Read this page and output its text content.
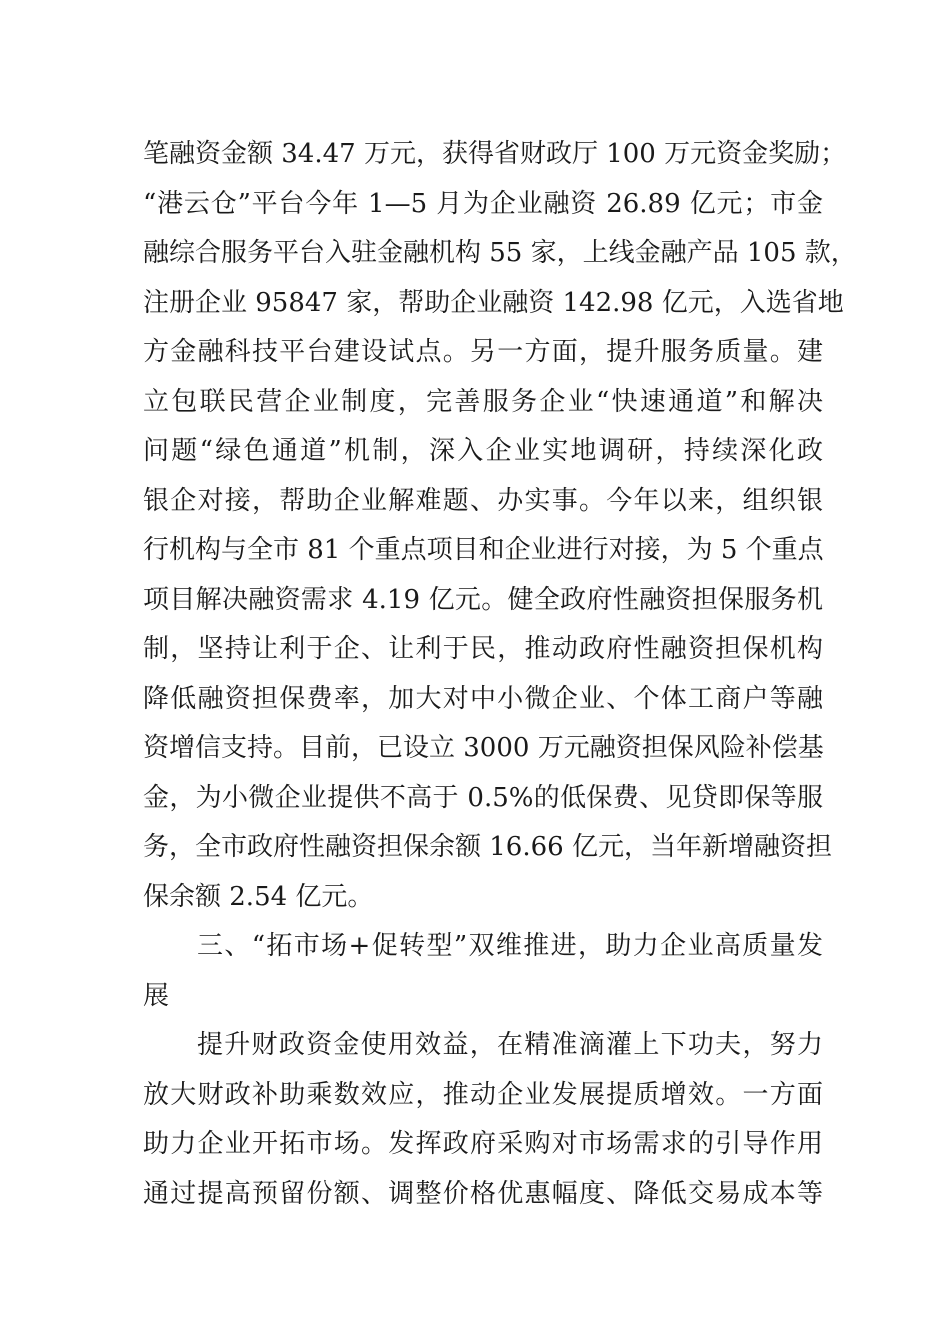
笔融资金额 34.47 万元，获得省财政厅 100 万元资金奖励；
“港云仓”平台今年 1—5 月为企业融资 26.89 亿元；市金
融综合服务平台入驻金融机构 55 家，上线金融产品 105 款，
注册企业 95847 家，帮助企业融资 142.98 亿元，入选省地
方金融科技平台建设试点。另一方面，提升服务质量。建
立包联民营企业制度，完善服务企业“快速通道”和解决
问题“绿色通道”机制，深入企业实地调研，持续深化政
银企对接，帮助企业解难题、办实事。今年以来，组织银
行机构与全市 81 个重点项目和企业进行对接，为 5 个重点
项目解决融资需求 4.19 亿元。健全政府性融资担保服务机
制，坚持让利于企、让利于民，推动政府性融资担保机构
降低融资担保费率，加大对中小微企业、个体工商户等融
资增信支持。目前，已设立 3000 万元融资担保风险补偿基
金，为小微企业提供不高于 0.5%的低保费、见贷即保等服
务，全市政府性融资担保余额 16.66 亿元，当年新增融资担
保余额 2.54 亿元。
三、“拓市场+促转型”双维推进，助力企业高质量发
展
提升财政资金使用效益，在精准滴灌上下功夫，努力
放大财政补助乘数效应，推动企业发展提质增效。一方面
助力企业开拓市场。发挥政府采购对市场需求的引导作用
通过提高预留份额、调整价格优惠幅度、降低交易成本等
